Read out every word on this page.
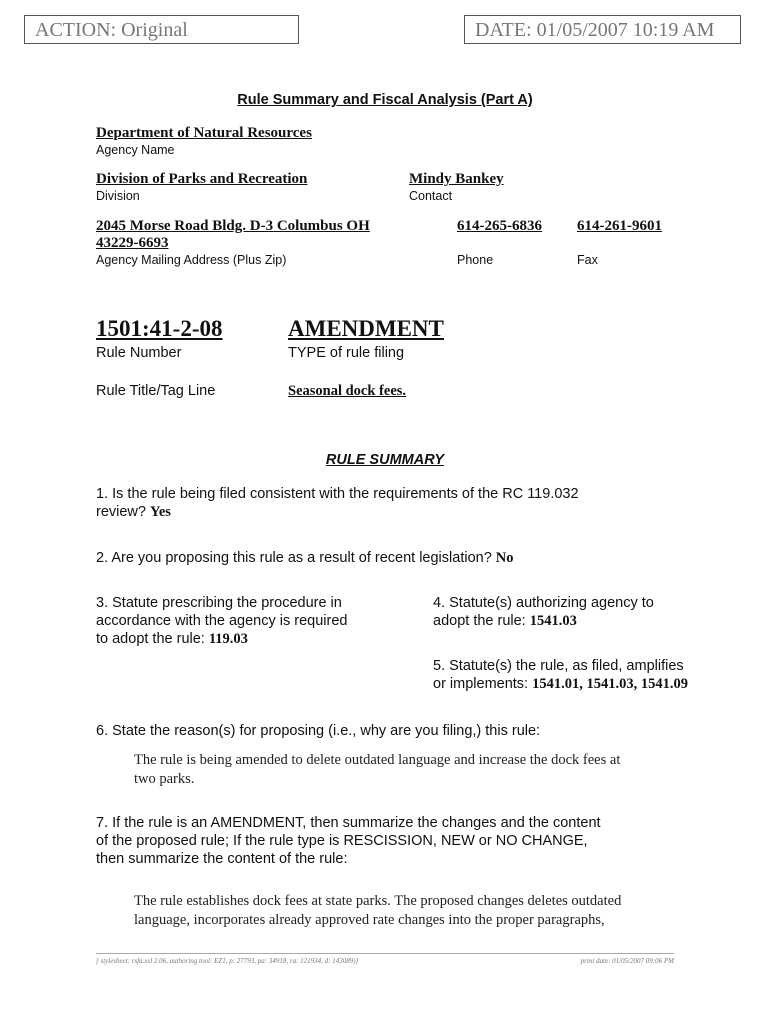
ACTION: Original	DATE: 01/05/2007 10:19 AM
Rule Summary and Fiscal Analysis (Part A)
Department of Natural Resources
Agency Name
Division of Parks and Recreation
Division
Mindy Bankey
Contact
2045 Morse Road Bldg. D-3 Columbus OH
43229-6693
Agency Mailing Address (Plus Zip)
614-265-6836
Phone
614-261-9601
Fax
1501:41-2-08
Rule Number
AMENDMENT
TYPE of rule filing
Rule Title/Tag Line	Seasonal dock fees.
RULE SUMMARY
1. Is the rule being filed consistent with the requirements of the RC 119.032
review? Yes
2. Are you proposing this rule as a result of recent legislation? No
3. Statute prescribing the procedure in
accordance with the agency is required
to adopt the rule: 119.03
4. Statute(s) authorizing agency to
adopt the rule: 1541.03
5. Statute(s) the rule, as filed, amplifies
or implements: 1541.01, 1541.03, 1541.09
6. State the reason(s) for proposing (i.e., why are you filing,) this rule:
The rule is being amended to delete outdated language and increase the dock fees at
two parks.
7. If the rule is an AMENDMENT, then summarize the changes and the content
of the proposed rule; If the rule type is RESCISSION, NEW or NO CHANGE,
then summarize the content of the rule:
The rule establishes dock fees at state parks. The proposed changes deletes outdated
language, incorporates already approved rate changes into the proper paragraphs,
[ stylesheet: rsfa.xsl 2.06, authoring tool: EZ1, p: 27793, pa: 34918, ra: 121934, d: 143089)]	print date: 01/05/2007 09:06 PM
